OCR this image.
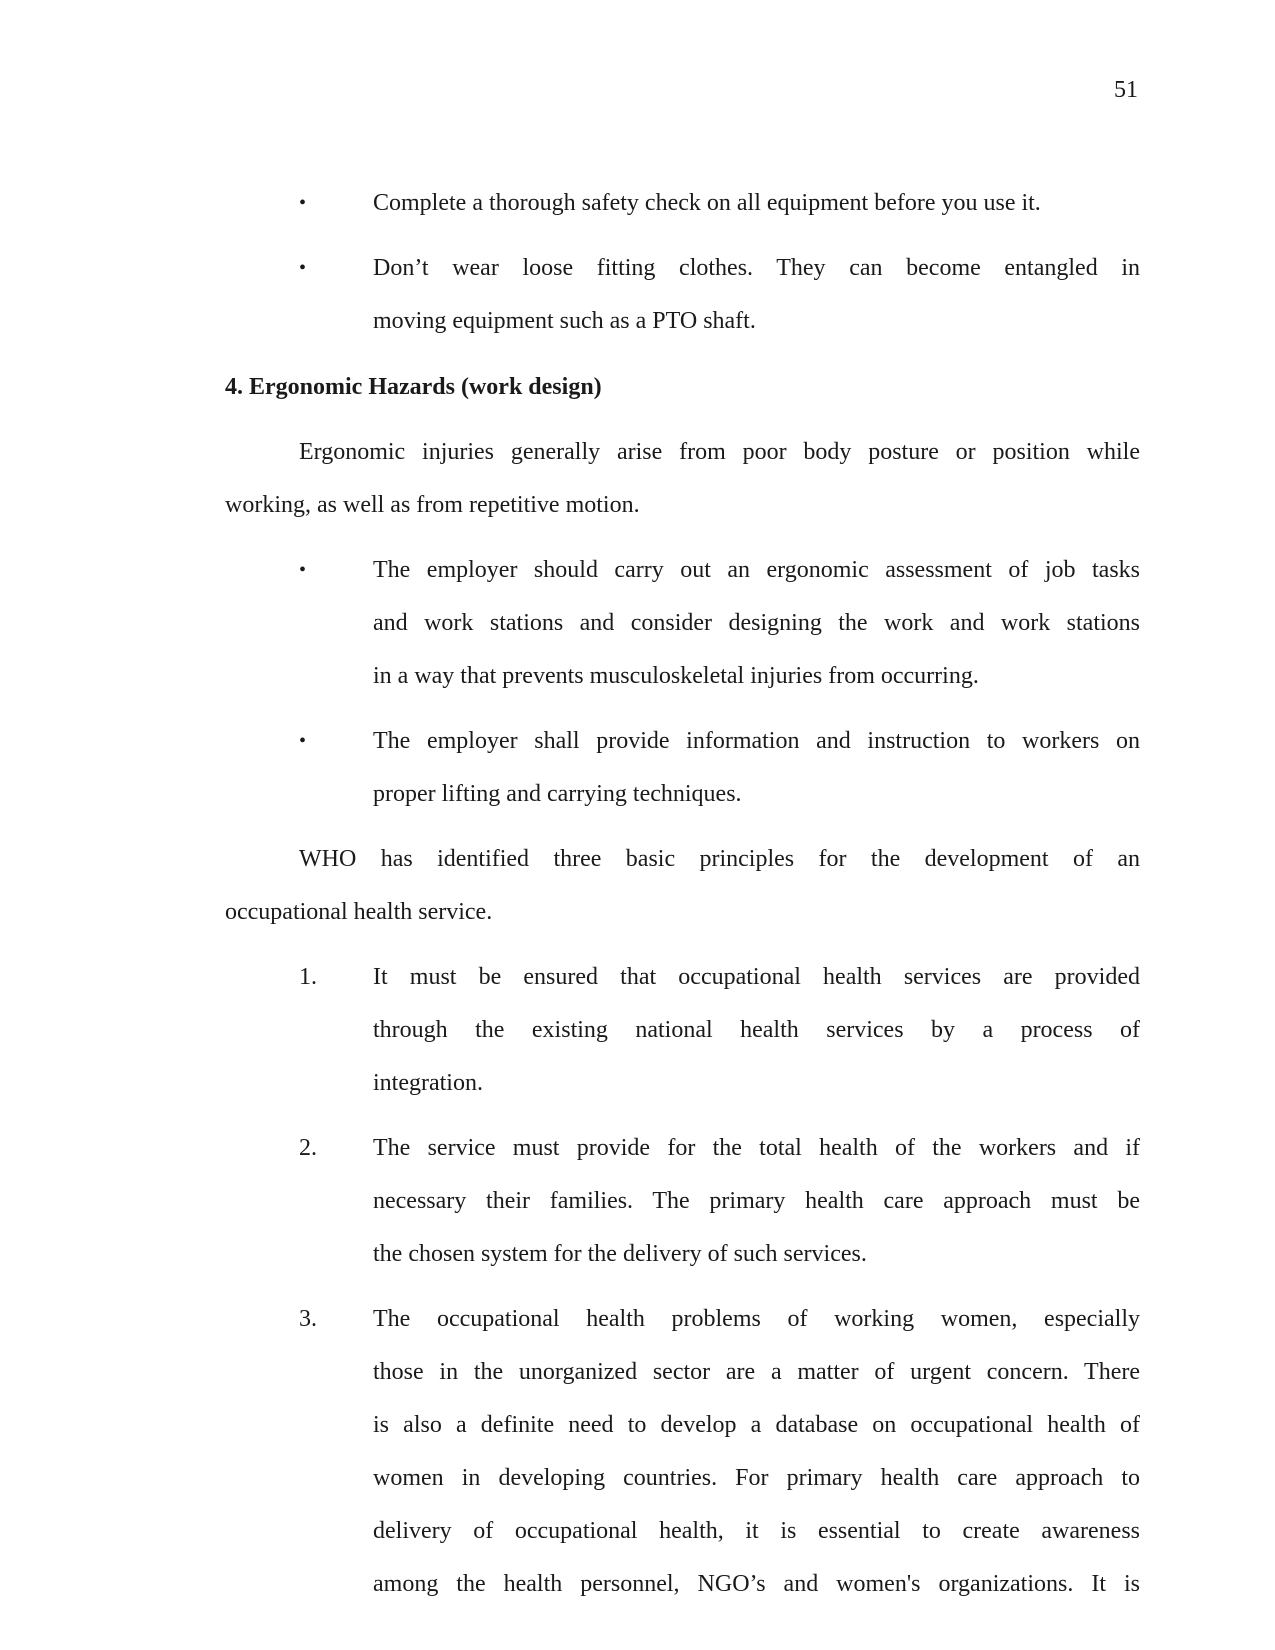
51
•	Complete a thorough safety check on all equipment before you use it.
•	Don’t wear loose fitting clothes. They can become entangled in
moving equipment such as a PTO shaft.

4. Ergonomic Hazards (work design)

Ergonomic injuries generally arise from poor body posture or position while
working, as well as from repetitive motion.

•	The employer should carry out an ergonomic assessment of job tasks
and work stations and consider designing the work and work stations
in a way that prevents musculoskeletal injuries from occurring.
•	The employer shall provide information and instruction to workers on
proper lifting and carrying techniques.

WHO has identified three basic principles for the development of an
occupational health service.

1. It must be ensured that occupational health services are provided
through the existing national health services by a process of
integration.
2. The service must provide for the total health of the workers and if
necessary their families. The primary health care approach must be
the chosen system for the delivery of such services.
3. The occupational health problems of working women, especially
those in the unorganized sector are a matter of urgent concern. There
is also a definite need to develop a database on occupational health of
women in developing countries. For primary health care approach to
delivery of occupational health, it is essential to create awareness
among the health personnel, NGO’s and women's organizations. It is
